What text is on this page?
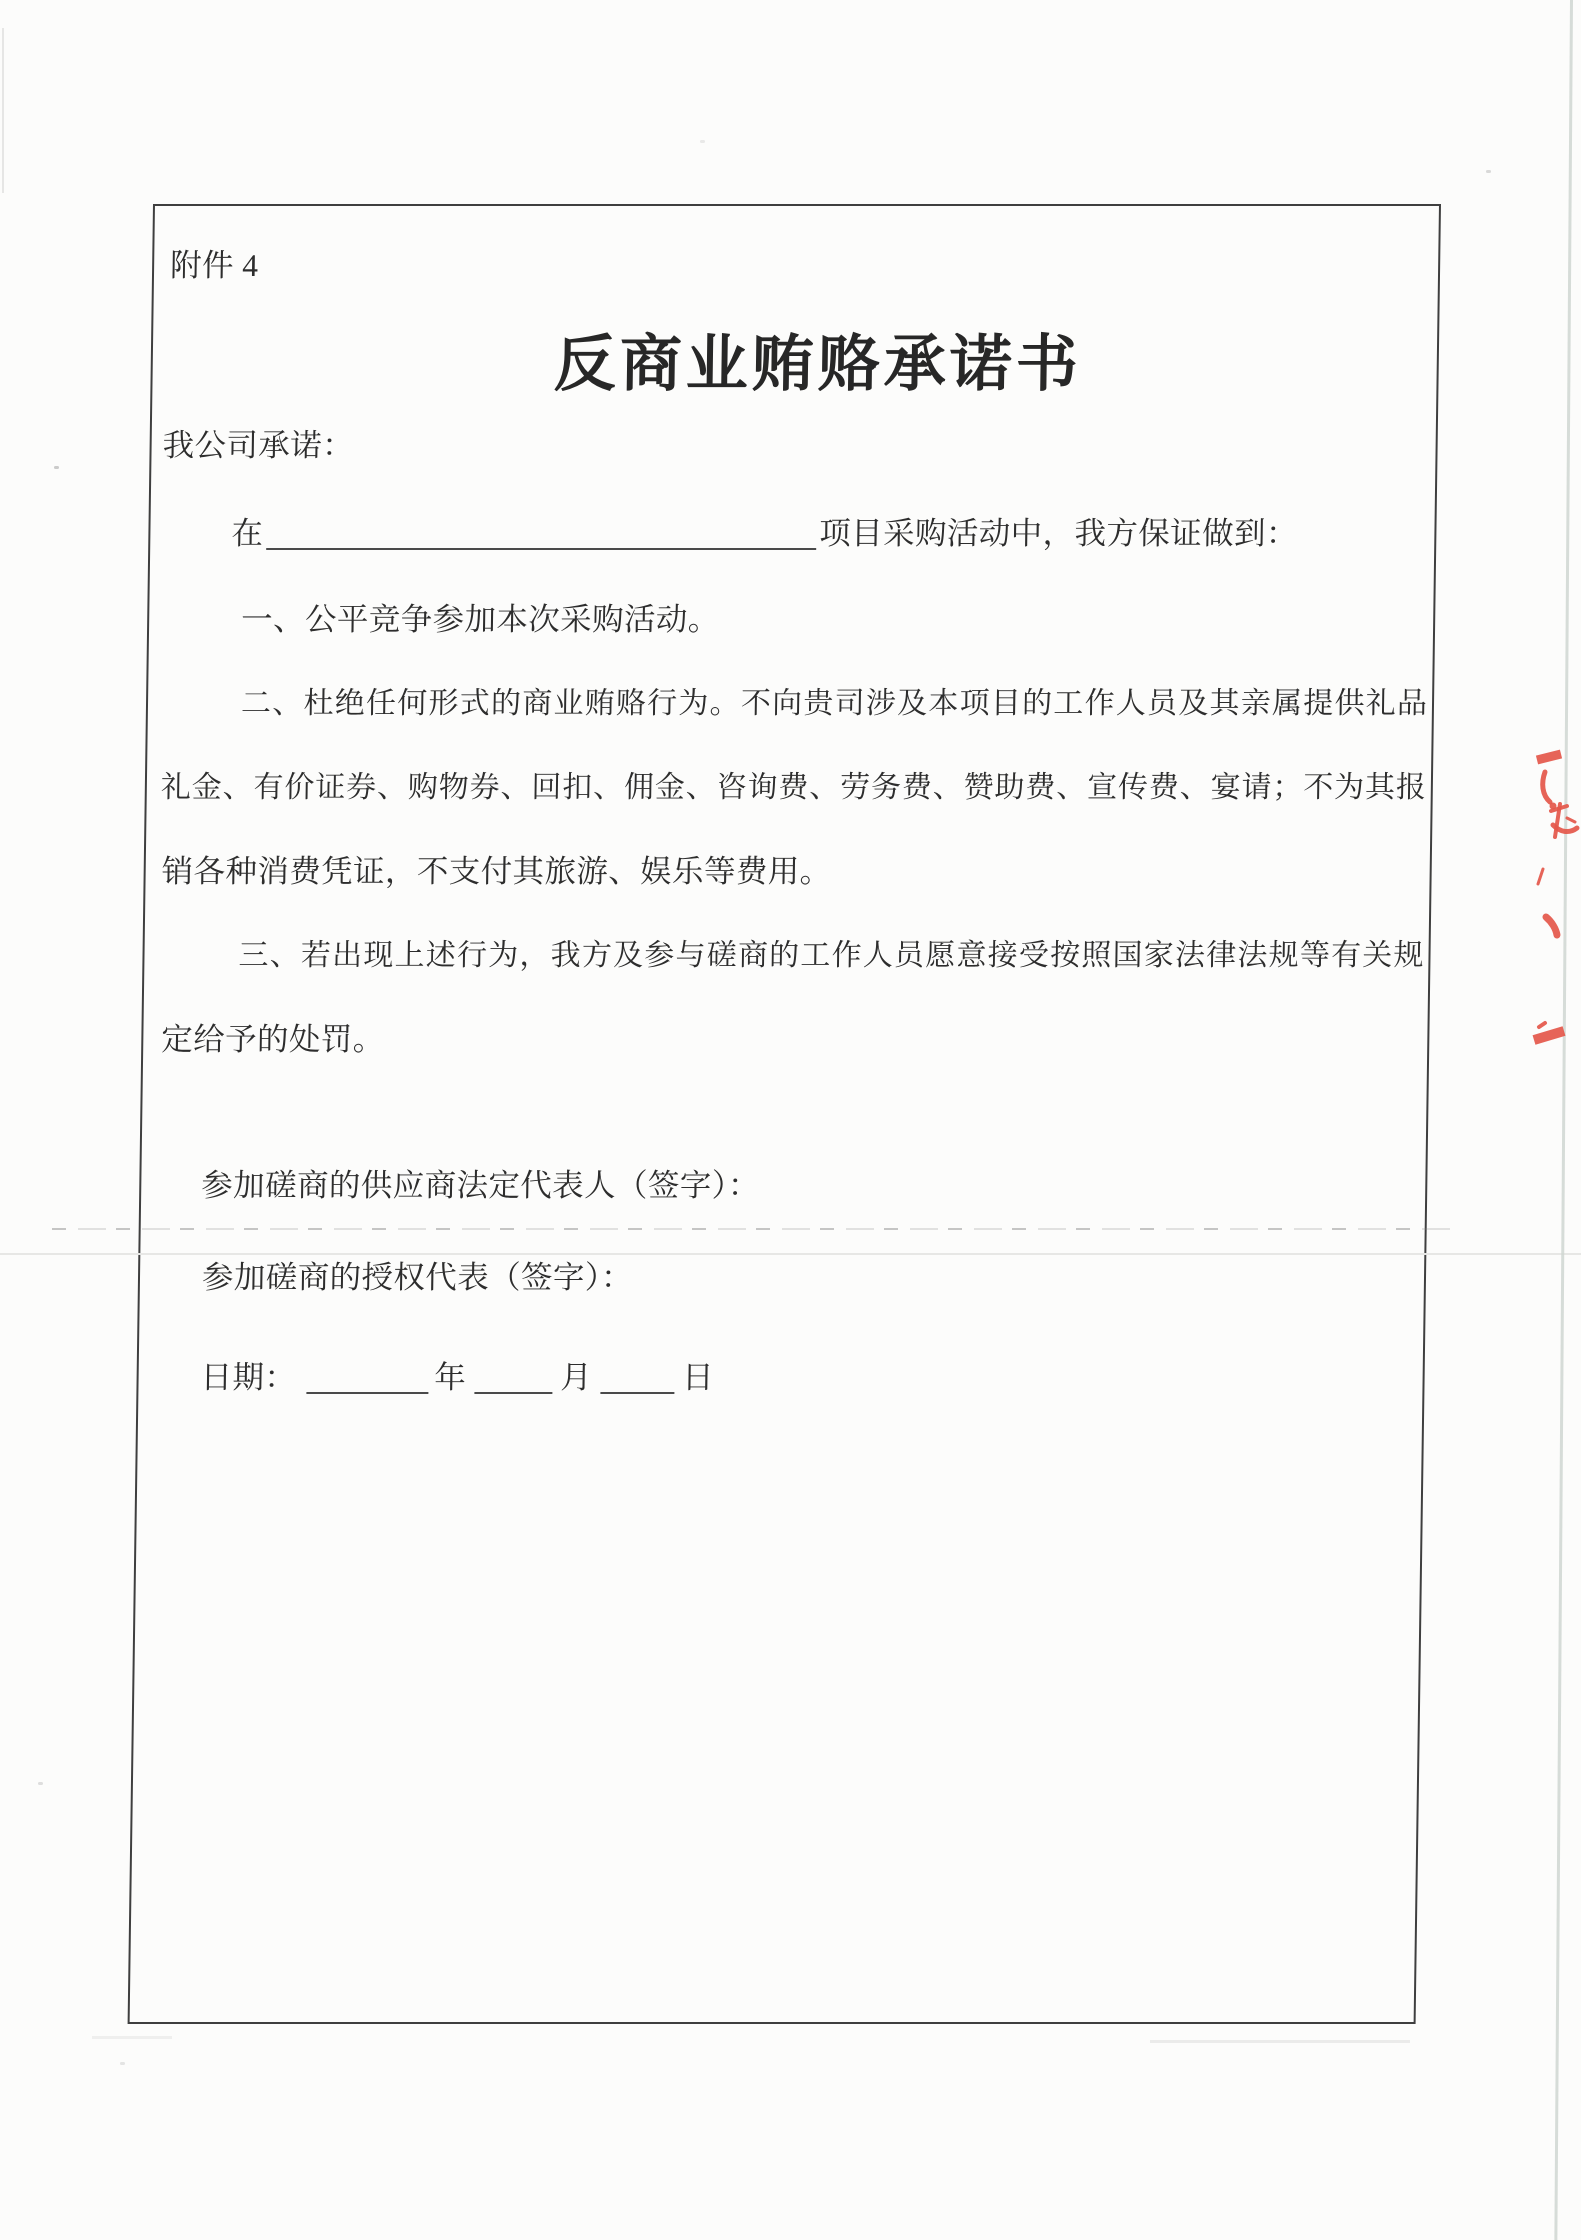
附件 4
反商业贿赂承诺书
我公司承诺：
在	项目采购活动中，我方保证做到：
一、公平竞争参加本次采购活动。
二、杜绝任何形式的商业贿赂行为。不向贵司涉及本项目的工作人员及其亲属提供礼品
礼金、有价证券、购物券、回扣、佣金、咨询费、劳务费、赞助费、宣传费、宴请；不为其报
销各种消费凭证，不支付其旅游、娱乐等费用。
三、若出现上述行为，我方及参与磋商的工作人员愿意接受按照国家法律法规等有关规
定给予的处罚。
参加磋商的供应商法定代表人（签字）：
参加磋商的授权代表（签字）：
日期：	年	月	日
